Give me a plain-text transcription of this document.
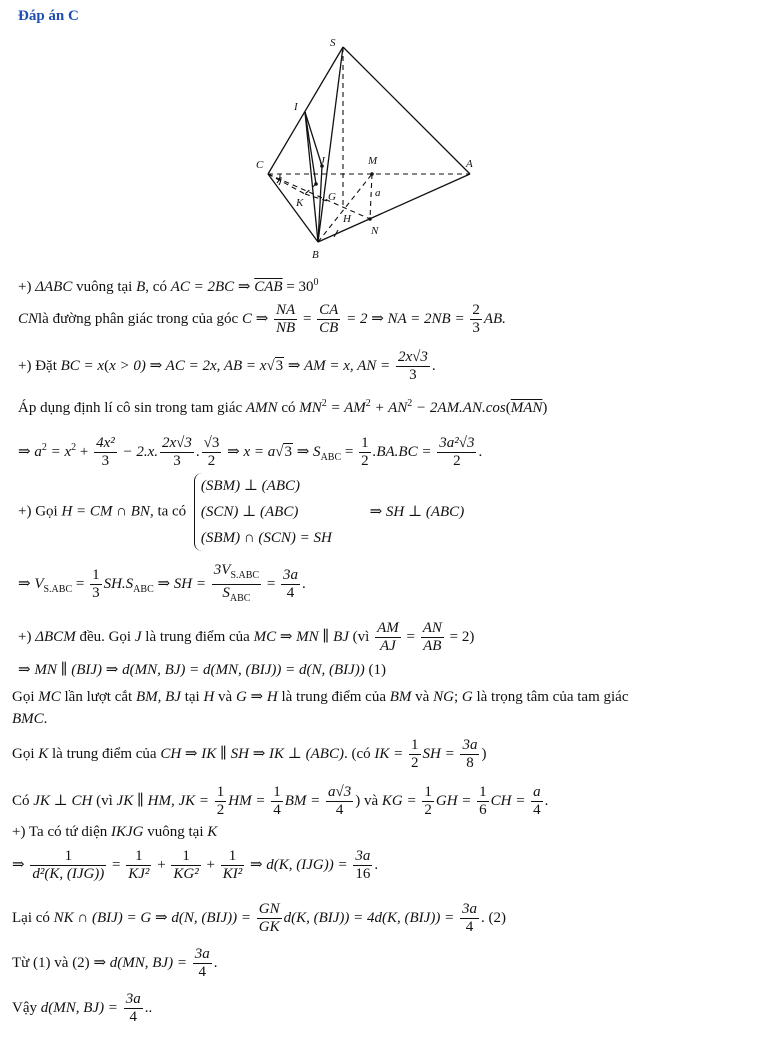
Đáp án C
S
I
C	J	M	A
K G
H
a
N
B
+) ΔABC vuông tại B, có AC = 2BC ⇒ $\overline{CAB} = 30^0$
CNlà đường phân giác trong của góc C ⇒ $\frac{NA}{NB} = \frac{CA}{CB} = 2$ ⇒ NA = $2NB = \frac{2}{3}$ AB.
+) Đặt BC = x(x > 0) ⇒ AC = 2x, AB = x√3 ⇒ AM = x, AN = $\frac{2x√3}{3}$ .
Áp dụng định lí cô sin trong tam giác AMN có $MN^2 = AM^2 + AN^2 - 2AM.AN.\cos(\overline{MAN})$
⇒ $a^2 = x^2 + \frac{\text{4x²}}{3} - 2.x$. $\frac{2x√3}{3}$ . $\frac{√3}{2}$ ⇒ x = a√3 ⇒ $S_{ABC} = \frac{1}{2} .BA.BC = \frac{\text{3a²√3}}{2}$ .
+) Gọi H = CM ∩ BN, ta có
(SBM) ⊥ (ABC)
(SCN) ⊥ (ABC)
(SBM) ∩ (SCN) = SH
⇒ SH ⊥ (ABC)
⇒ $V_{S.ABC} = \frac{1}{3} SH.S_{ABC}$ ⇒ SH = $\frac{3V_{S.ABC}}{S_{ABC}} = \frac{3a}{4}$ .
+) ΔBCM đều. Gọi J là trung điểm của MC ⇒ MN ∥ BJ (vì $\frac{AM}{AJ} = \frac{AN}{AB} = 2$)
⇒ MN ∥ (BIJ) ⇒ d(MN, BJ) = d(MN, (BIJ)) = d(N, (BIJ)) (1)
Gọi MC lần lượt cắt BM, BJ tại H và G ⇒ H là trung điểm của BM và NG; G là trọng tâm của tam giác
BMC.
Gọi K là trung điểm của CH ⇒ IK ∥ SH ⇒ IK ⊥ (ABC). (có IK = $\frac{1}{2}$ SH = $\frac{3a}{8}$ )
Có JK ⊥ CH (vì JK ∥ HM, JK = $\frac{1}{2}$ HM = $\frac{1}{4}$ BM = $\frac{a√3}{4}$ ) và KG = $\frac{1}{2}$ GH = $\frac{1}{6}$ CH = $\frac{a}{4}$ .
+) Ta có tứ diện IKJG vuông tại K
⇒ $\frac{1}{\text{d²(K, (IJG))}} = \frac{1}{\text{KJ²}} + \frac{1}{\text{KG²}} + \frac{1}{\text{KI²}}$ ⇒ d(K, $(IJG)) = \frac{3a}{16}$ .
Lại có NK ∩ (BIJ) = G ⇒ d(N, $(BIJ)) = \frac{GN}{GK} d(K$, (BIJ)) = 4d(K, $(BIJ)) = \frac{3a}{4}$ . (2)
Từ (1) và (2) ⇒ d(MN, $BJ) = \frac{3a}{4}$ .
Vậy d(MN, $BJ) = \frac{3a}{4}$ ..
